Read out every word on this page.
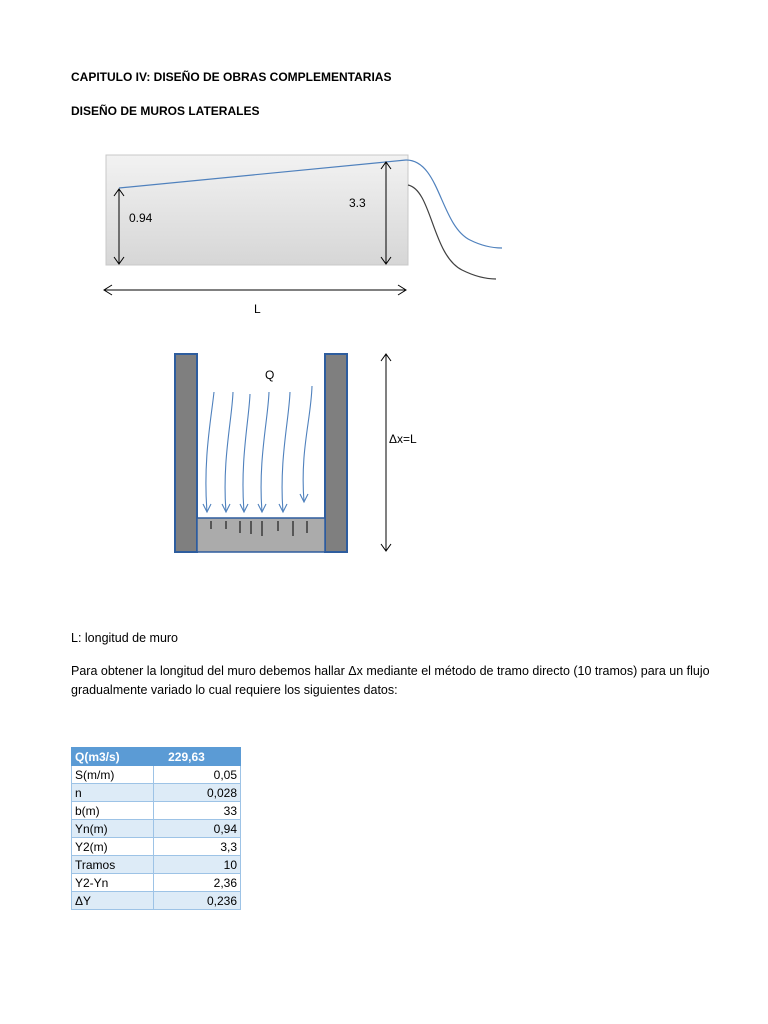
CAPITULO IV: DISEÑO DE OBRAS COMPLEMENTARIAS
DISEÑO DE MUROS LATERALES
0.94
3.3
L
Q
Δx=L
L: longitud de muro
Para obtener la longitud del muro debemos hallar Δx mediante el método de tramo directo (10 tramos) para un flujo gradualmente variado lo cual requiere los siguientes datos:
Q(m3/s)	229,63
S(m/m)	0,05
n	0,028
b(m)	33
Yn(m)	0,94
Y2(m)	3,3
Tramos	10
Y2-Yn	2,36
ΔY	0,236
